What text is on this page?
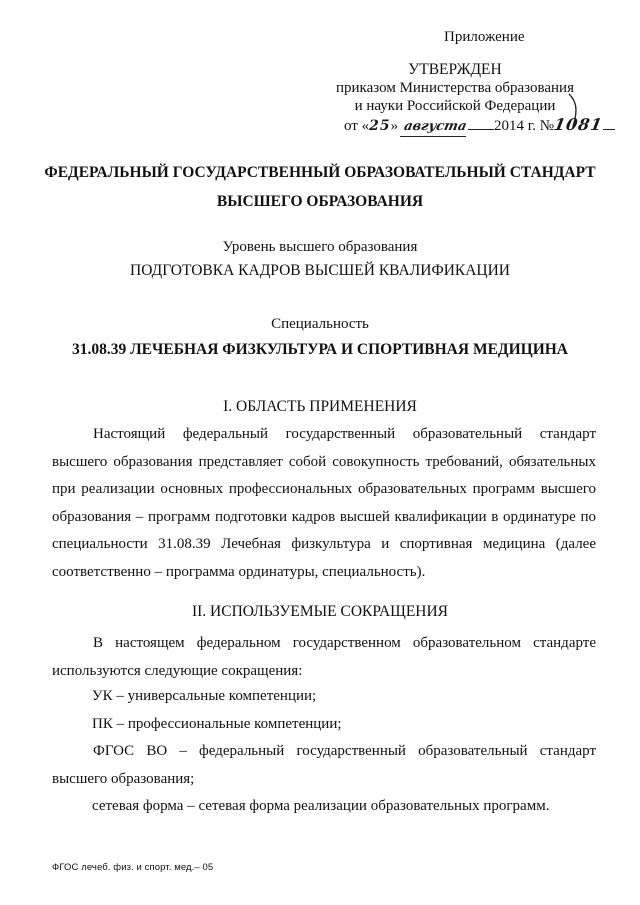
Приложение

УТВЕРЖДЕН
приказом Министерства образования
и науки Российской Федерации
от «25» августа 2014 г. №1081
ФЕДЕРАЛЬНЫЙ ГОСУДАРСТВЕННЫЙ ОБРАЗОВАТЕЛЬНЫЙ СТАНДАРТ
ВЫСШЕГО ОБРАЗОВАНИЯ

Уровень высшего образования

ПОДГОТОВКА КАДРОВ ВЫСШЕЙ КВАЛИФИКАЦИИ

Специальность

31.08.39 ЛЕЧЕБНАЯ ФИЗКУЛЬТУРА И СПОРТИВНАЯ МЕДИЦИНА

I. ОБЛАСТЬ ПРИМЕНЕНИЯ

Настоящий федеральный государственный образовательный стандарт высшего образования представляет собой совокупность требований, обязательных при реализации основных профессиональных образовательных программ высшего образования – программ подготовки кадров высшей квалификации в ординатуре по специальности 31.08.39 Лечебная физкультура и спортивная медицина (далее соответственно – программа ординатуры, специальность).

II. ИСПОЛЬЗУЕМЫЕ СОКРАЩЕНИЯ

В настоящем федеральном государственном образовательном стандарте используются следующие сокращения:

УК – универсальные компетенции;

ПК – профессиональные компетенции;

ФГОС ВО – федеральный государственный образовательный стандарт высшего образования;

сетевая форма – сетевая форма реализации образовательных программ.

ФГОС лечеб. физ. и спорт. мед.– 05
